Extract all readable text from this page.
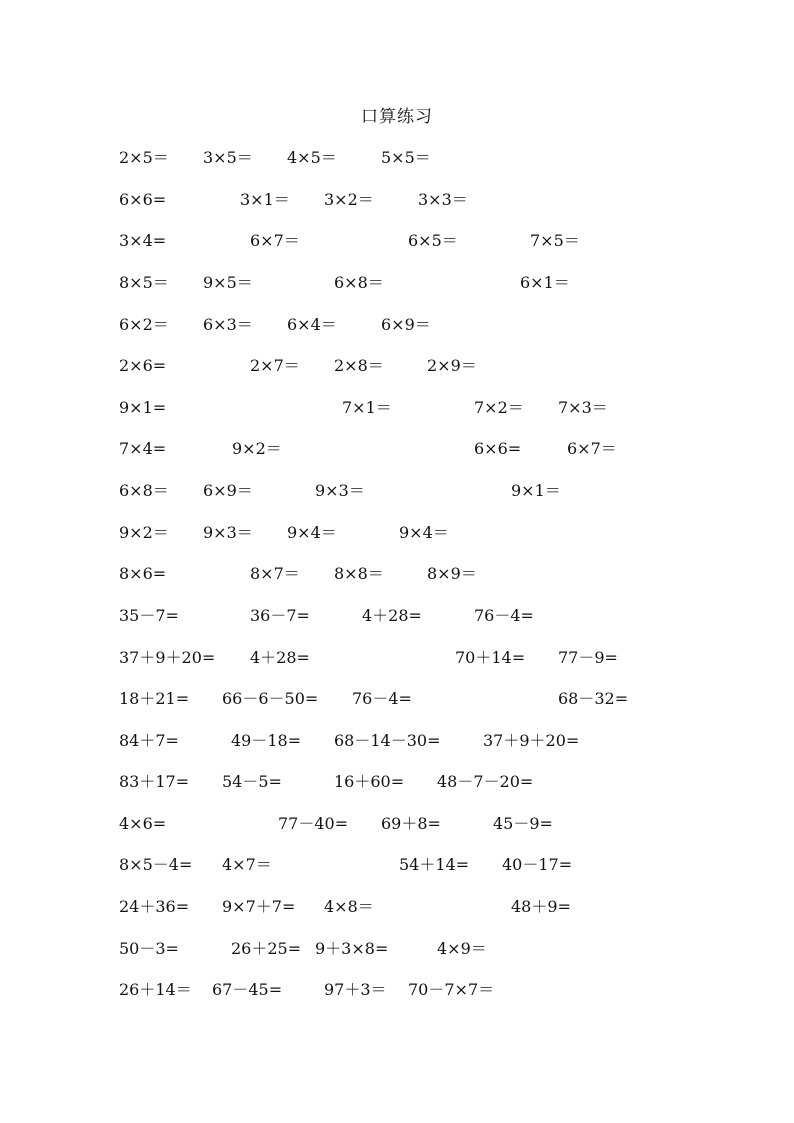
口算练习
2×5＝ 3×5＝ 4×5＝	5×5＝
6×6=	3×1＝ 3×2＝	3×3＝
3×4=	6×7＝	6×5＝	7×5＝
8×5＝ 9×5＝	6×8＝	6×1＝
6×2＝ 6×3＝ 6×4＝	6×9＝
2×6=	2×7＝ 2×8＝	2×9＝
9×1=	7×1＝	7×2＝ 7×3＝
7×4=	9×2＝	6×6=	6×7＝
6×8＝ 6×9＝	9×3＝	9×1＝
9×2＝ 9×3＝ 9×4＝	9×4＝
8×6=	8×7＝ 8×8＝	8×9＝
35－7=	36－7=	4＋28=	76－4=
37＋9＋20= 4＋28=	70＋14= 77－9=
18＋21= 66－6－50= 76－4=	68－32=
84＋7=	49－18= 68－14－30=	37＋9＋20=
83＋17= 54－5=	16＋60= 48－7－20=
4×6=	77－40= 69＋8=	45－9=
8×5－4= 4×7＝	54＋14= 40－17=
24＋36= 9×7＋7= 4×8＝	48＋9=
50－3=	26＋25= 9＋3×8=	4×9＝
26＋14＝ 67－45=	97＋3＝ 70－7×7＝
